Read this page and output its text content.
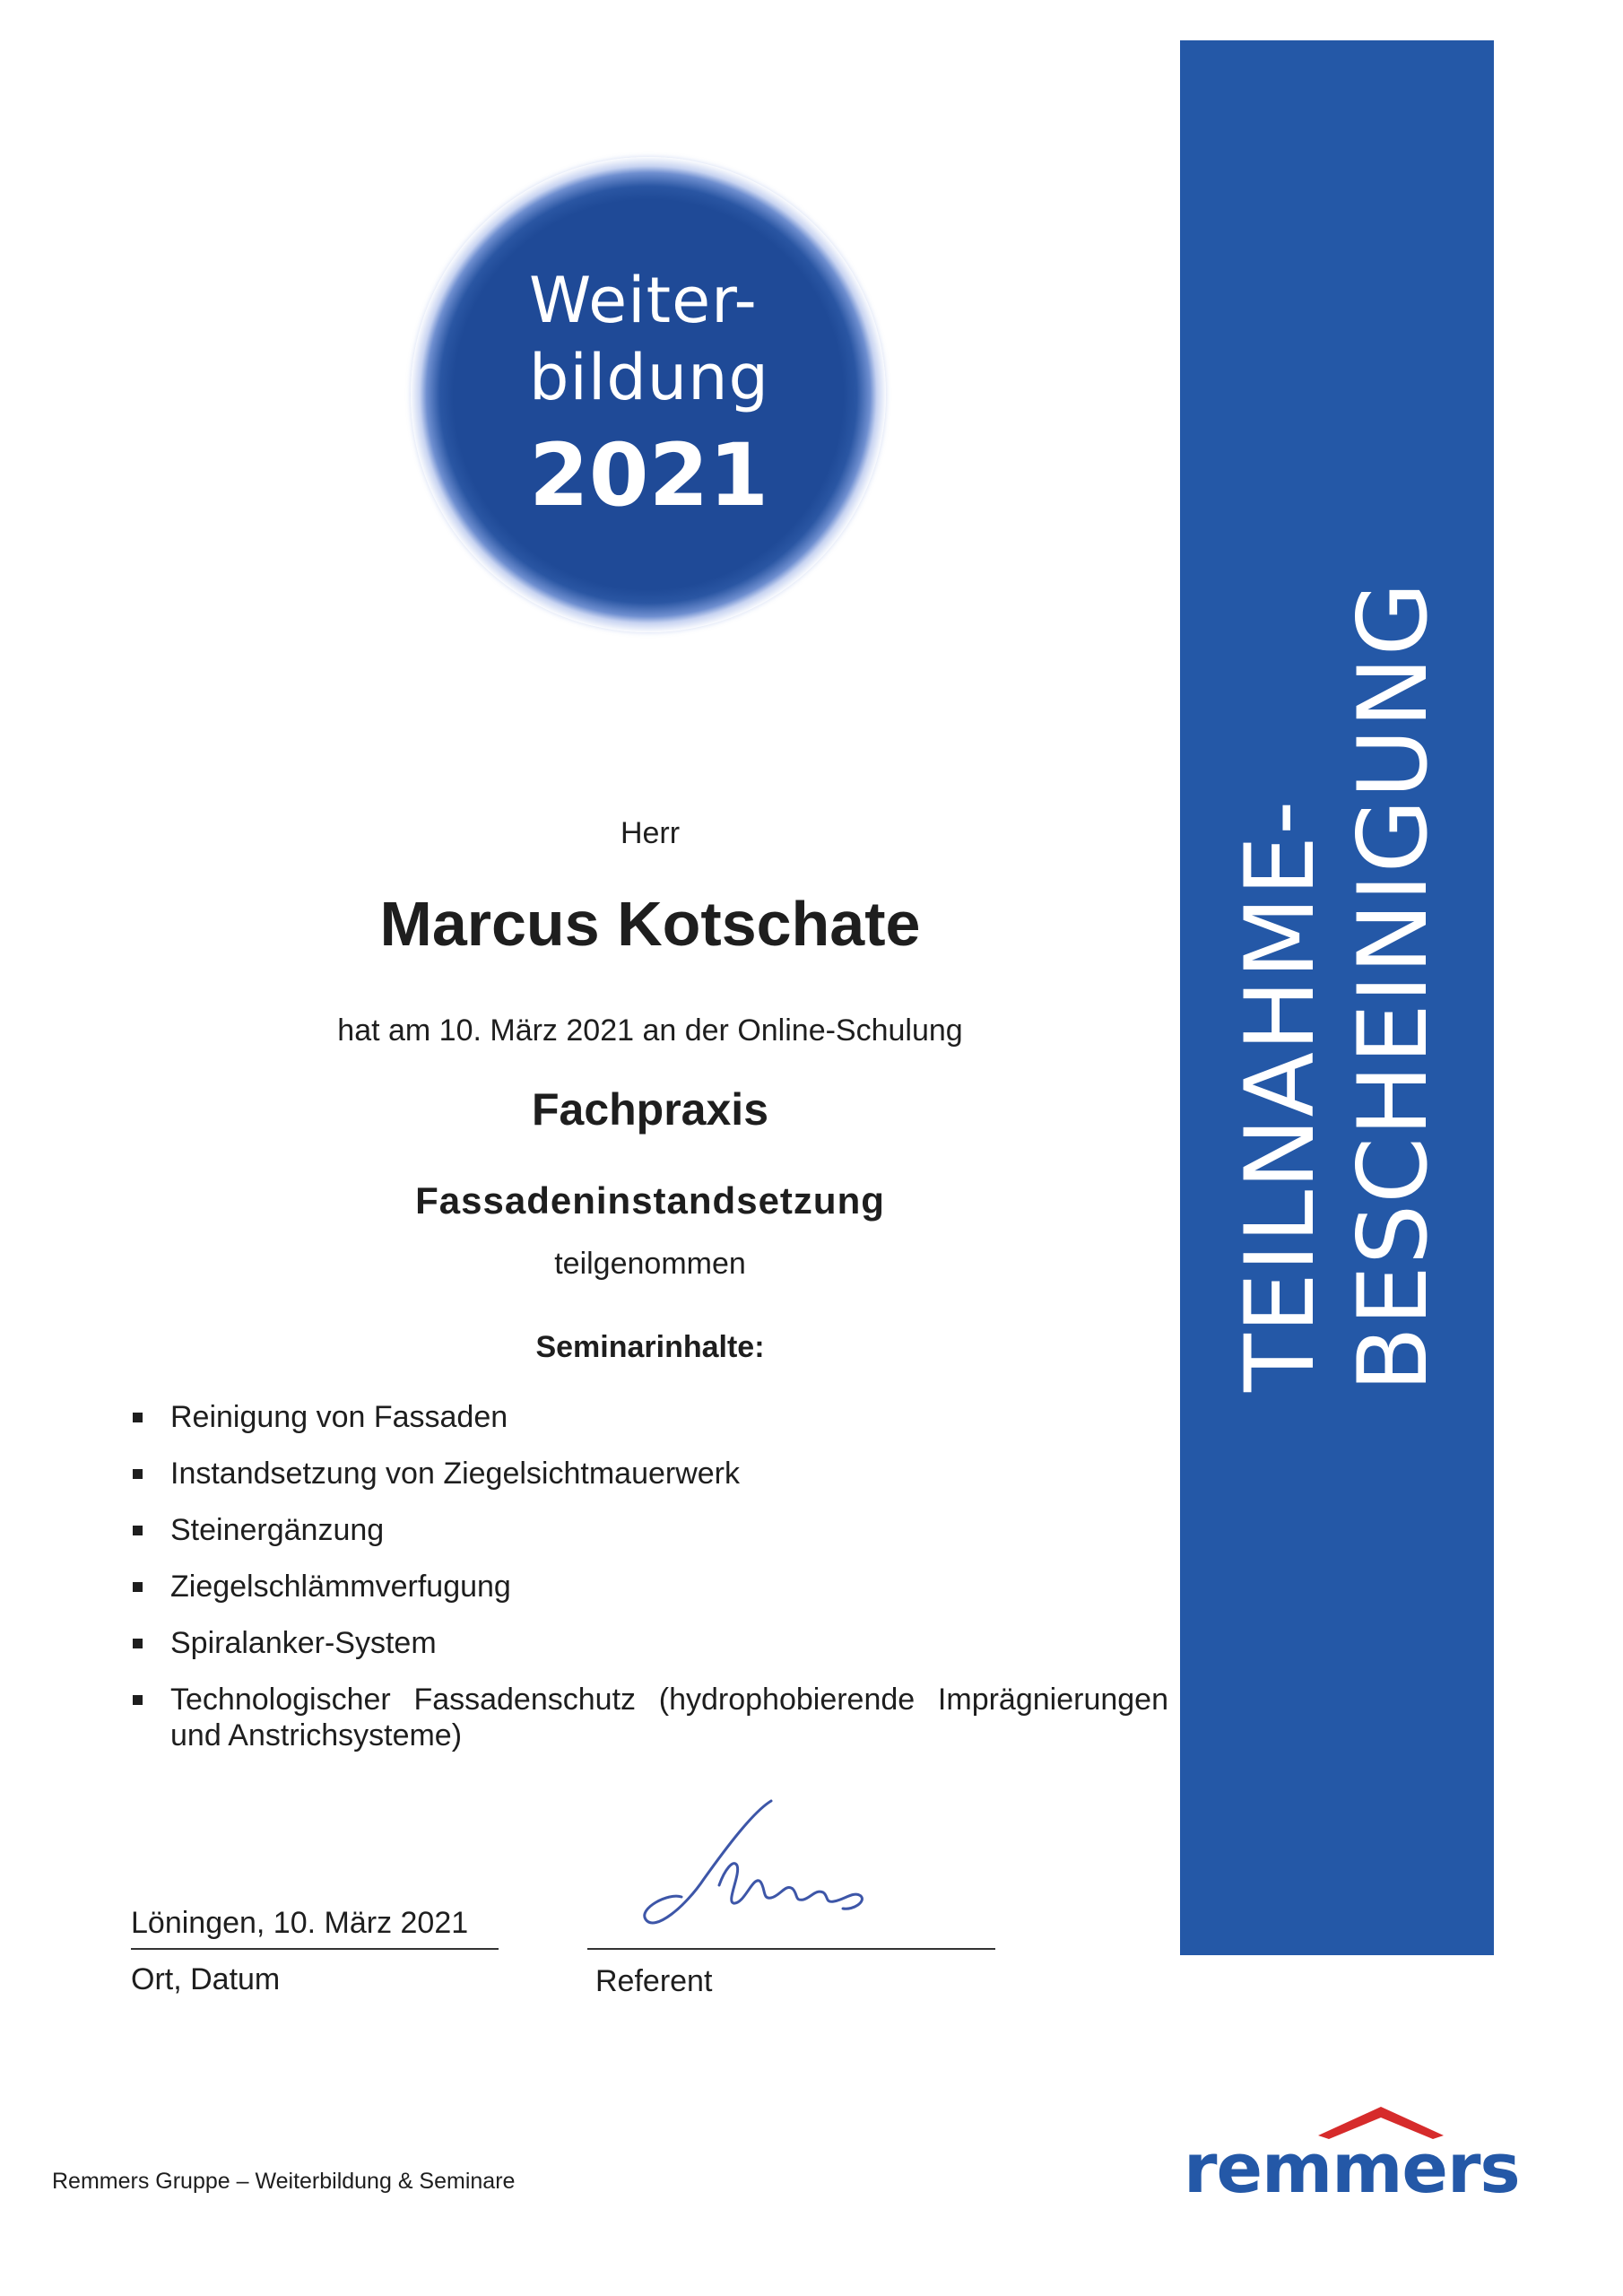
Weiter-
bildung
2021
TEILNAHME- BESCHEINIGUNG
Herr
Marcus Kotschate
hat am 10. März 2021 an der Online-Schulung
Fachpraxis
Fassadeninstandsetzung
teilgenommen
Seminarinhalte:
Reinigung von Fassaden
Instandsetzung von Ziegelsichtmauerwerk
Steinergänzung
Ziegelschlämmverfugung
Spiralanker-System
Technologischer Fassadenschutz (hydrophobierende Imprägnierungen und Anstrichsysteme)
Löningen, 10. März 2021
Ort, Datum	Referent
Remmers Gruppe – Weiterbildung & Seminare	remmers
